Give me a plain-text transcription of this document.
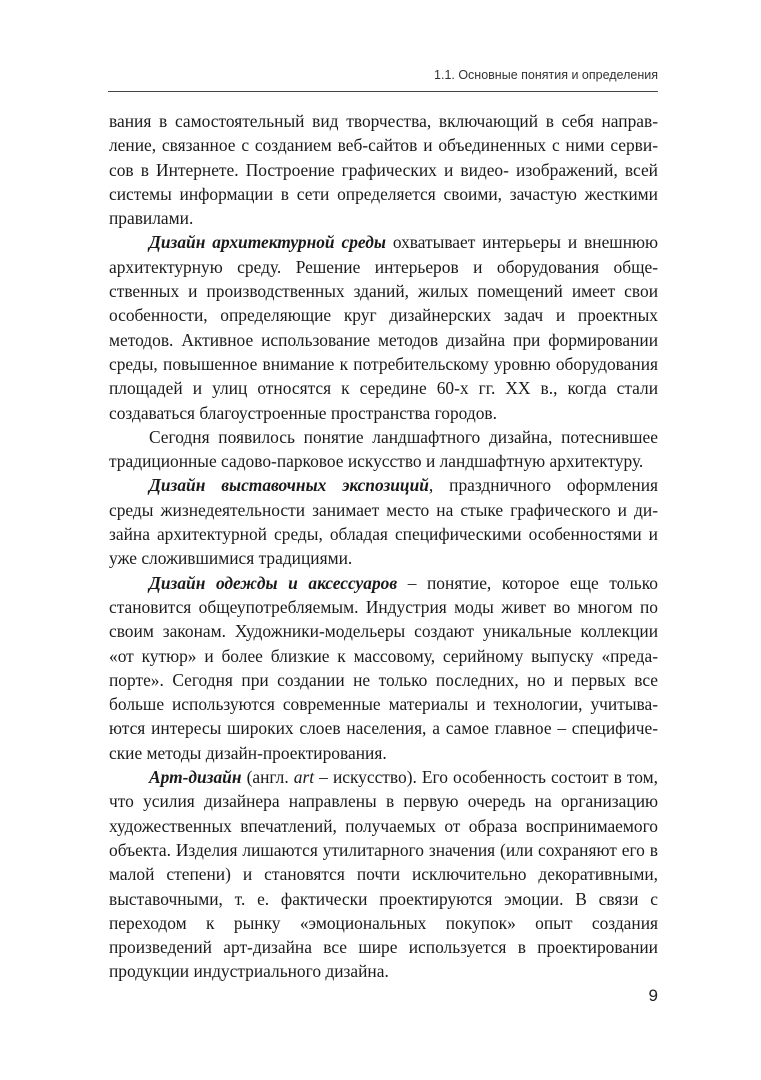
1.1. Основные понятия и определения

вания в самостоятельный вид творчества, включающий в себя направление, связанное с созданием веб-сайтов и объединенных с ними сервисов в Интернете. Построение графических и видео- изображений, всей системы информации в сети определяется своими, зачастую жесткими правилами.

Дизайн архитектурной среды охватывает интерьеры и внешнюю архитектурную среду. Решение интерьеров и оборудования общественных и производственных зданий, жилых помещений имеет свои особенности, определяющие круг дизайнерских задач и проектных методов. Активное использование методов дизайна при формировании среды, повышенное внимание к потребительскому уровню оборудования площадей и улиц относятся к середине 60-х гг. XX в., когда стали создаваться благоустроенные пространства городов.

Сегодня появилось понятие ландшафтного дизайна, потеснившее традиционные садово-парковое искусство и ландшафтную архитектуру.

Дизайн выставочных экспозиций, праздничного оформления среды жизнедеятельности занимает место на стыке графического и дизайна архитектурной среды, обладая специфическими особенностями и уже сложившимися традициями.

Дизайн одежды и аксессуаров – понятие, которое еще только становится общеупотребляемым. Индустрия моды живет во многом по своим законам. Художники-модельеры создают уникальные коллекции «от кутюр» и более близкие к массовому, серийному выпуску «преда-порте». Сегодня при создании не только последних, но и первых все больше используются современные материалы и технологии, учитываются интересы широких слоев населения, а самое главное – специфические методы дизайн-проектирования.

Арт-дизайн (англ. art – искусство). Его особенность состоит в том, что усилия дизайнера направлены в первую очередь на организацию художественных впечатлений, получаемых от образа воспринимаемого объекта. Изделия лишаются утилитарного значения (или сохраняют его в малой степени) и становятся почти исключительно декоративными, выставочными, т. е. фактически проектируются эмоции. В связи с переходом к рынку «эмоциональных покупок» опыт создания произведений арт-дизайна все шире используется в проектировании продукции индустриального дизайна.

9
